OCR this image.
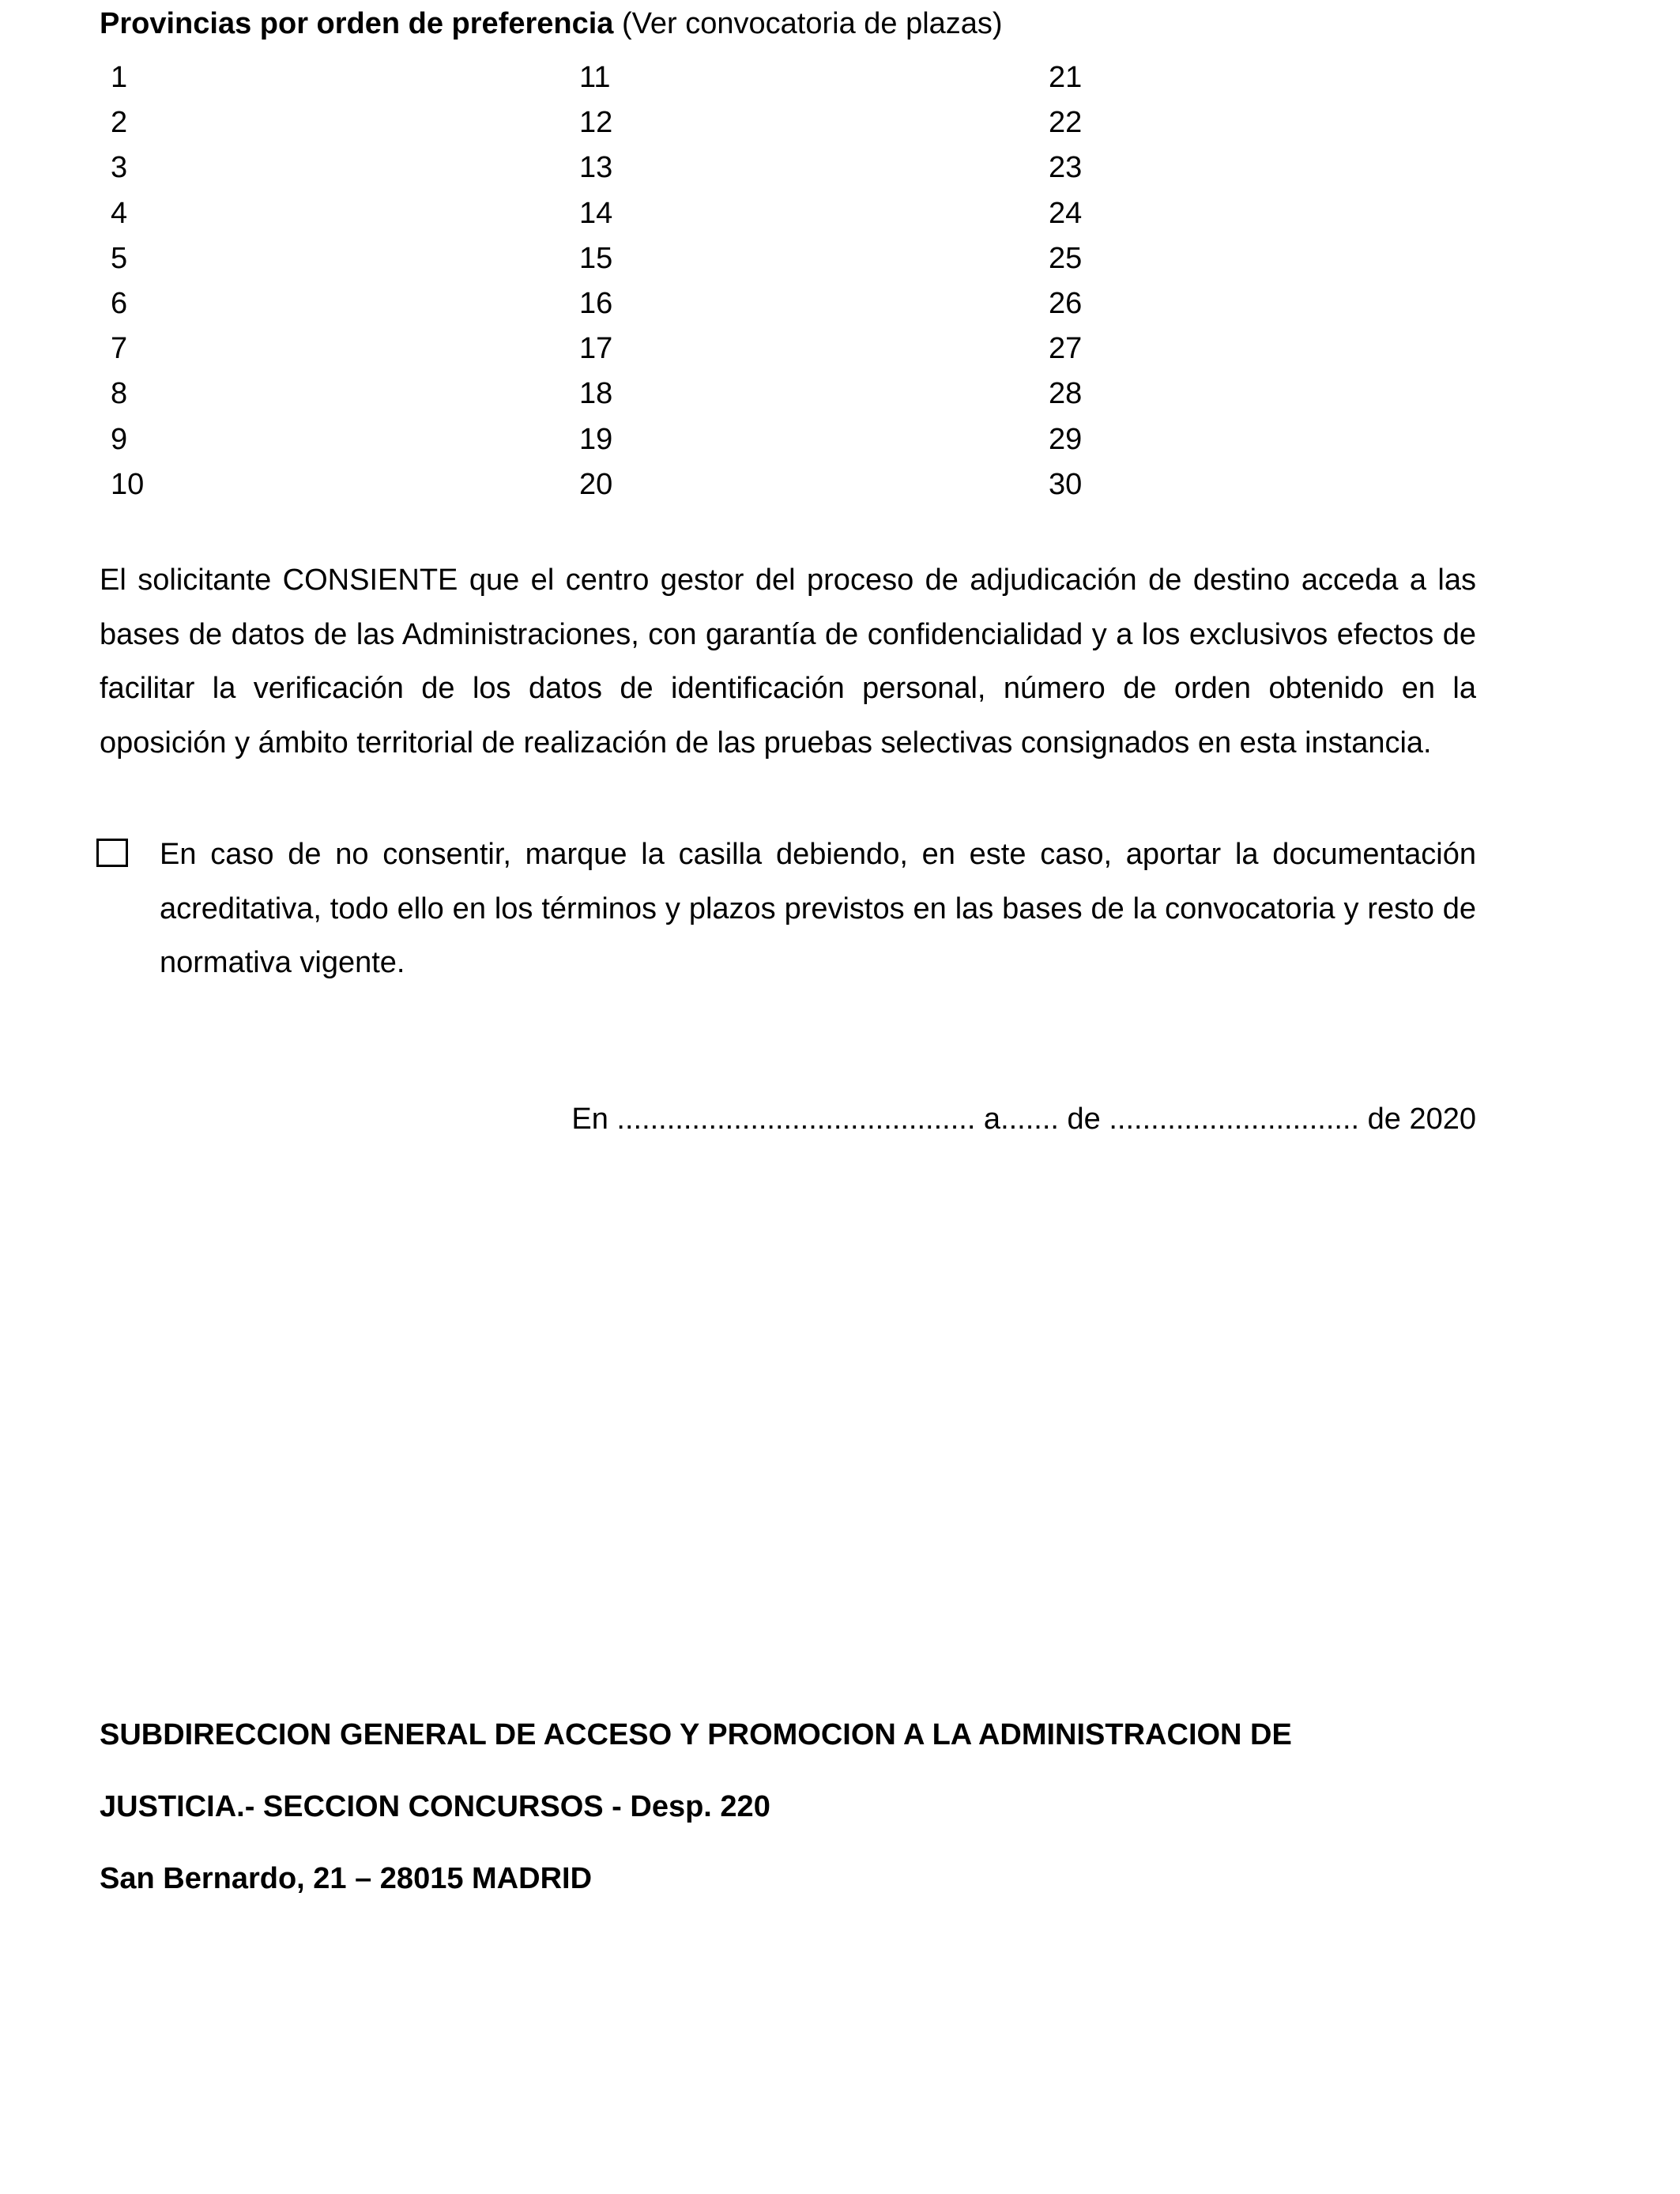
Provincias por orden de preferencia (Ver convocatoria de plazas)
1
2
3
4
5
6
7
8
9
10
11
12
13
14
15
16
17
18
19
20
21
22
23
24
25
26
27
28
29
30

El solicitante CONSIENTE que el centro gestor del proceso de adjudicación de destino acceda a las bases de datos de las Administraciones, con garantía de confidencialidad y a los exclusivos efectos de facilitar la verificación de los datos de identificación personal, número de orden obtenido en la oposición y ámbito territorial de realización de las pruebas selectivas consignados en esta instancia.

En caso de no consentir, marque la casilla debiendo, en este caso, aportar la documentación acreditativa, todo ello en los términos y plazos previstos en las bases de la convocatoria y resto de normativa vigente.

En ........................................... a....... de .............................. de 2020

SUBDIRECCION GENERAL DE ACCESO Y PROMOCION A LA ADMINISTRACION DE

JUSTICIA.- SECCION CONCURSOS - Desp. 220

San Bernardo, 21 – 28015 MADRID
